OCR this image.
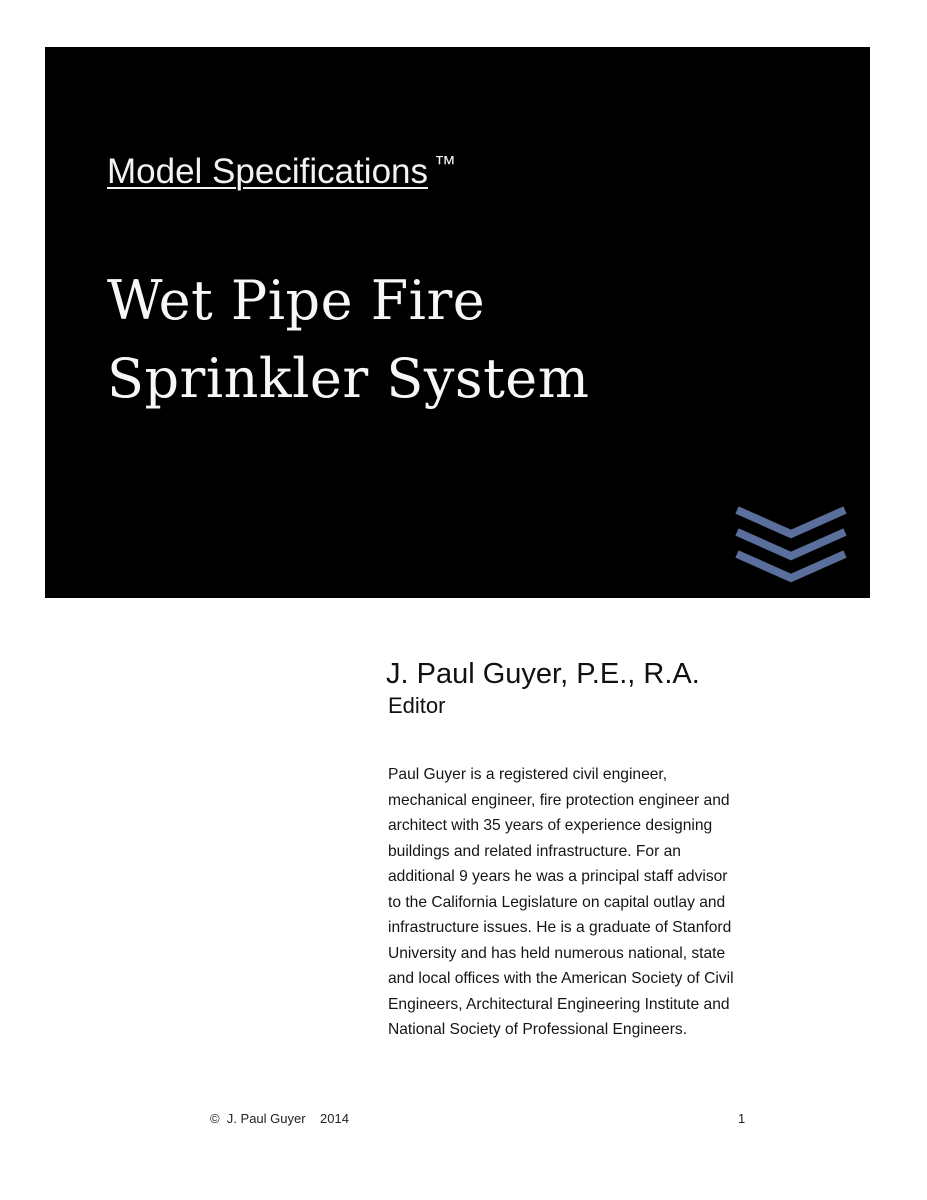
Model Specifications ™
Wet Pipe Fire
Sprinkler System
J. Paul Guyer, P.E., R.A.
Editor
Paul Guyer is a registered civil engineer,
mechanical engineer, fire protection engineer and
architect with 35 years of experience designing
buildings and related infrastructure. For an
additional 9 years he was a principal staff advisor
to the California Legislature on capital outlay and
infrastructure issues. He is a graduate of Stanford
University and has held numerous national, state
and local offices with the American Society of Civil
Engineers, Architectural Engineering Institute and
National Society of Professional Engineers.
©  J. Paul Guyer    2014	1
